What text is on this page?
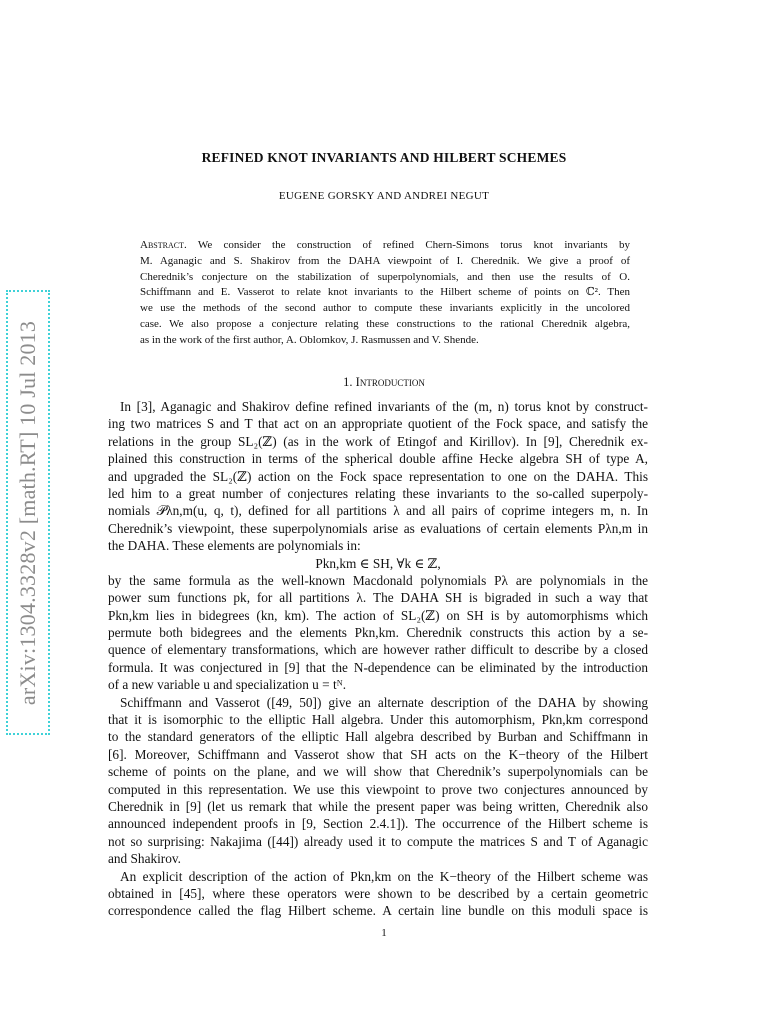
arXiv:1304.3328v2 [math.RT] 10 Jul 2013
REFINED KNOT INVARIANTS AND HILBERT SCHEMES
EUGENE GORSKY AND ANDREI NEGUT
Abstract. We consider the construction of refined Chern-Simons torus knot invariants by
M. Aganagic and S. Shakirov from the DAHA viewpoint of I. Cherednik. We give a proof of
Cherednik’s conjecture on the stabilization of superpolynomials, and then use the results of O.
Schiffmann and E. Vasserot to relate knot invariants to the Hilbert scheme of points on ℂ². Then
we use the methods of the second author to compute these invariants explicitly in the uncolored
case. We also propose a conjecture relating these constructions to the rational Cherednik algebra,
as in the work of the first author, A. Oblomkov, J. Rasmussen and V. Shende.
1. Introduction
In [3], Aganagic and Shakirov define refined invariants of the (m, n) torus knot by construct-
ing two matrices S and T that act on an appropriate quotient of the Fock space, and satisfy the
relations in the group SL₂(ℤ) (as in the work of Etingof and Kirillov). In [9], Cherednik ex-
plained this construction in terms of the spherical double affine Hecke algebra SH of type A,
and upgraded the SL₂(ℤ) action on the Fock space representation to one on the DAHA. This
led him to a great number of conjectures relating these invariants to the so-called superpoly-
nomials 𝒫λn,m(u, q, t), defined for all partitions λ and all pairs of coprime integers m, n. In
Cherednik’s viewpoint, these superpolynomials arise as evaluations of certain elements Pλn,m in
the DAHA. These elements are polynomials in:
Pkn,km ∈ SH, ∀k ∈ ℤ,
by the same formula as the well-known Macdonald polynomials Pλ are polynomials in the
power sum functions pk, for all partitions λ. The DAHA SH is bigraded in such a way that
Pkn,km lies in bidegrees (kn, km). The action of SL₂(ℤ) on SH is by automorphisms which
permute both bidegrees and the elements Pkn,km. Cherednik constructs this action by a se-
quence of elementary transformations, which are however rather difficult to describe by a closed
formula. It was conjectured in [9] that the N-dependence can be eliminated by the introduction
of a new variable u and specialization u = tᴺ.
Schiffmann and Vasserot ([49, 50]) give an alternate description of the DAHA by showing
that it is isomorphic to the elliptic Hall algebra. Under this automorphism, Pkn,km correspond
to the standard generators of the elliptic Hall algebra described by Burban and Schiffmann in
[6]. Moreover, Schiffmann and Vasserot show that SH acts on the K−theory of the Hilbert
scheme of points on the plane, and we will show that Cherednik’s superpolynomials can be
computed in this representation. We use this viewpoint to prove two conjectures announced by
Cherednik in [9] (let us remark that while the present paper was being written, Cherednik also
announced independent proofs in [9, Section 2.4.1]). The occurrence of the Hilbert scheme is
not so surprising: Nakajima ([44]) already used it to compute the matrices S and T of Aganagic
and Shakirov.
An explicit description of the action of Pkn,km on the K−theory of the Hilbert scheme was
obtained in [45], where these operators were shown to be described by a certain geometric
correspondence called the flag Hilbert scheme. A certain line bundle on this moduli space is
1
